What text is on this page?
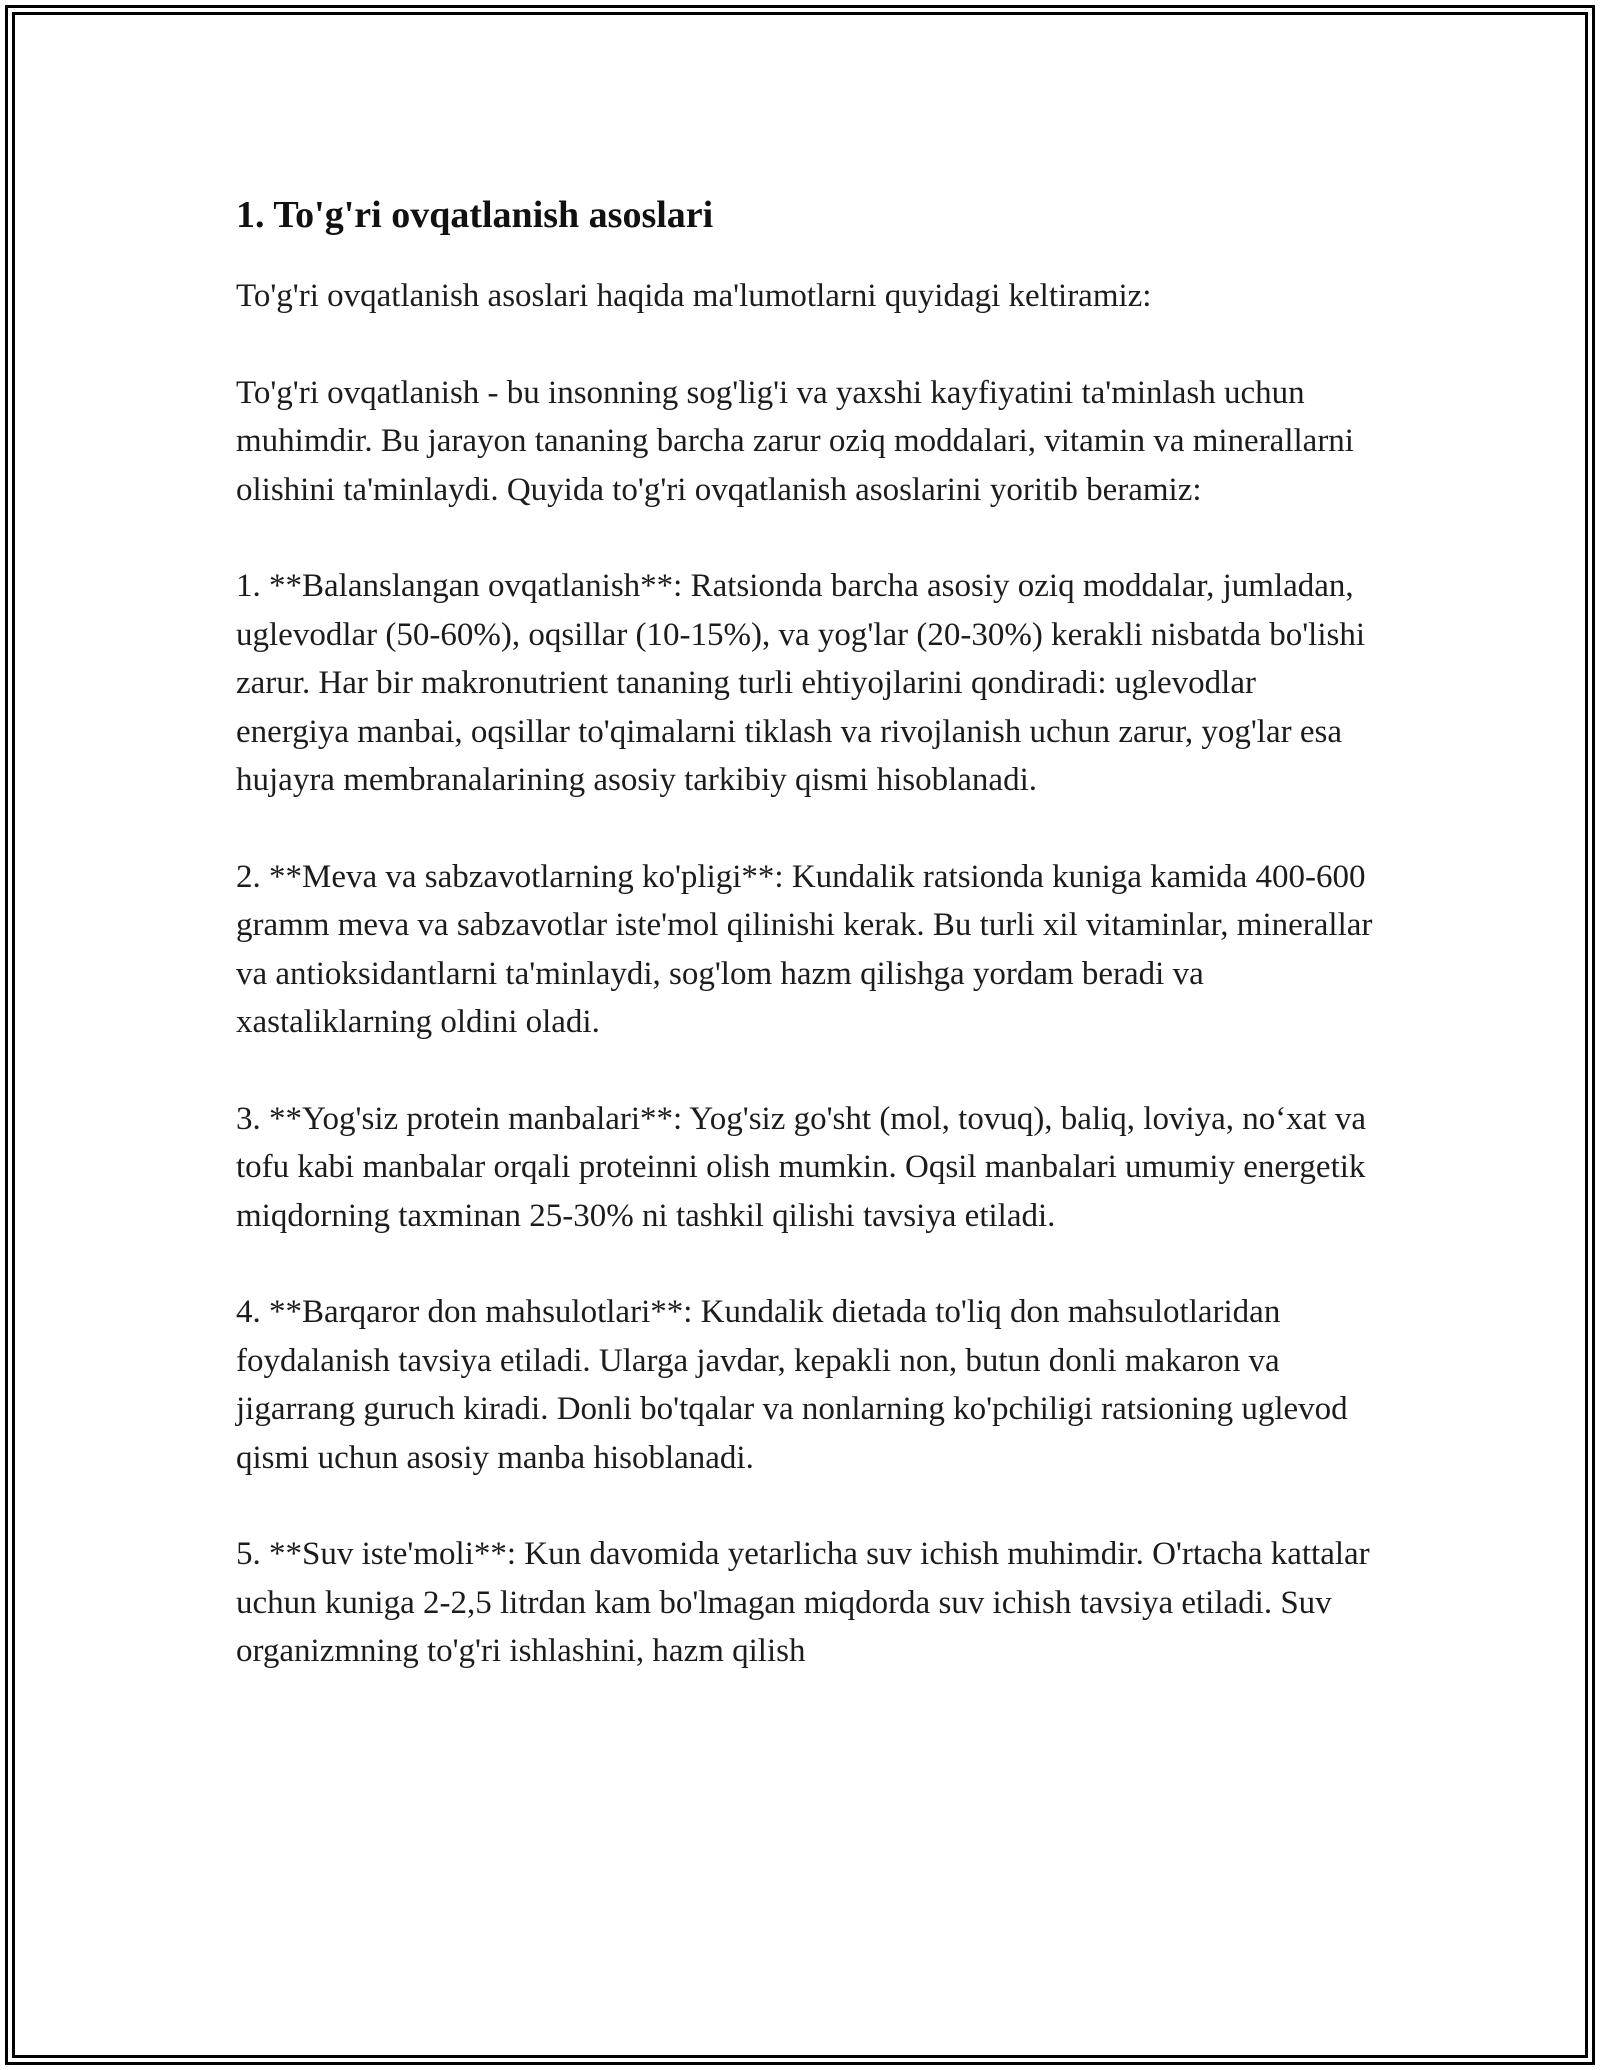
1. To'g'ri ovqatlanish asoslari

To'g'ri ovqatlanish asoslari haqida ma'lumotlarni quyidagi keltiramiz:

To'g'ri ovqatlanish - bu insonning sog'lig'i va yaxshi kayfiyatini ta'minlash uchun muhimdir. Bu jarayon tananing barcha zarur oziq moddalari, vitamin va minerallarni olishini ta'minlaydi. Quyida to'g'ri ovqatlanish asoslarini yoritib beramiz:

1. **Balanslangan ovqatlanish**: Ratsionda barcha asosiy oziq moddalar, jumladan, uglevodlar (50-60%), oqsillar (10-15%), va yog'lar (20-30%) kerakli nisbatda bo'lishi zarur. Har bir makronutrient tananing turli ehtiyojlarini qondiradi: uglevodlar energiya manbai, oqsillar to'qimalarni tiklash va rivojlanish uchun zarur, yog'lar esa hujayra membranalarining asosiy tarkibiy qismi hisoblanadi.

2. **Meva va sabzavotlarning ko'pligi**: Kundalik ratsionda kuniga kamida 400-600 gramm meva va sabzavotlar iste'mol qilinishi kerak. Bu turli xil vitaminlar, minerallar va antioksidantlarni ta'minlaydi, sog'lom hazm qilishga yordam beradi va xastaliklarning oldini oladi.

3. **Yog'siz protein manbalari**: Yog'siz go'sht (mol, tovuq), baliq, loviya, no‘xat va tofu kabi manbalar orqali proteinni olish mumkin. Oqsil manbalari umumiy energetik miqdorning taxminan 25-30% ni tashkil qilishi tavsiya etiladi.

4. **Barqaror don mahsulotlari**: Kundalik dietada to'liq don mahsulotlaridan foydalanish tavsiya etiladi. Ularga javdar, kepakli non, butun donli makaron va jigarrang guruch kiradi. Donli bo'tqalar va nonlarning ko'pchiligi ratsioning uglevod qismi uchun asosiy manba hisoblanadi.

5. **Suv iste'moli**: Kun davomida yetarlicha suv ichish muhimdir. O'rtacha kattalar uchun kuniga 2-2,5 litrdan kam bo'lmagan miqdorda suv ichish tavsiya etiladi. Suv organizmning to'g'ri ishlashini, hazm qilish
